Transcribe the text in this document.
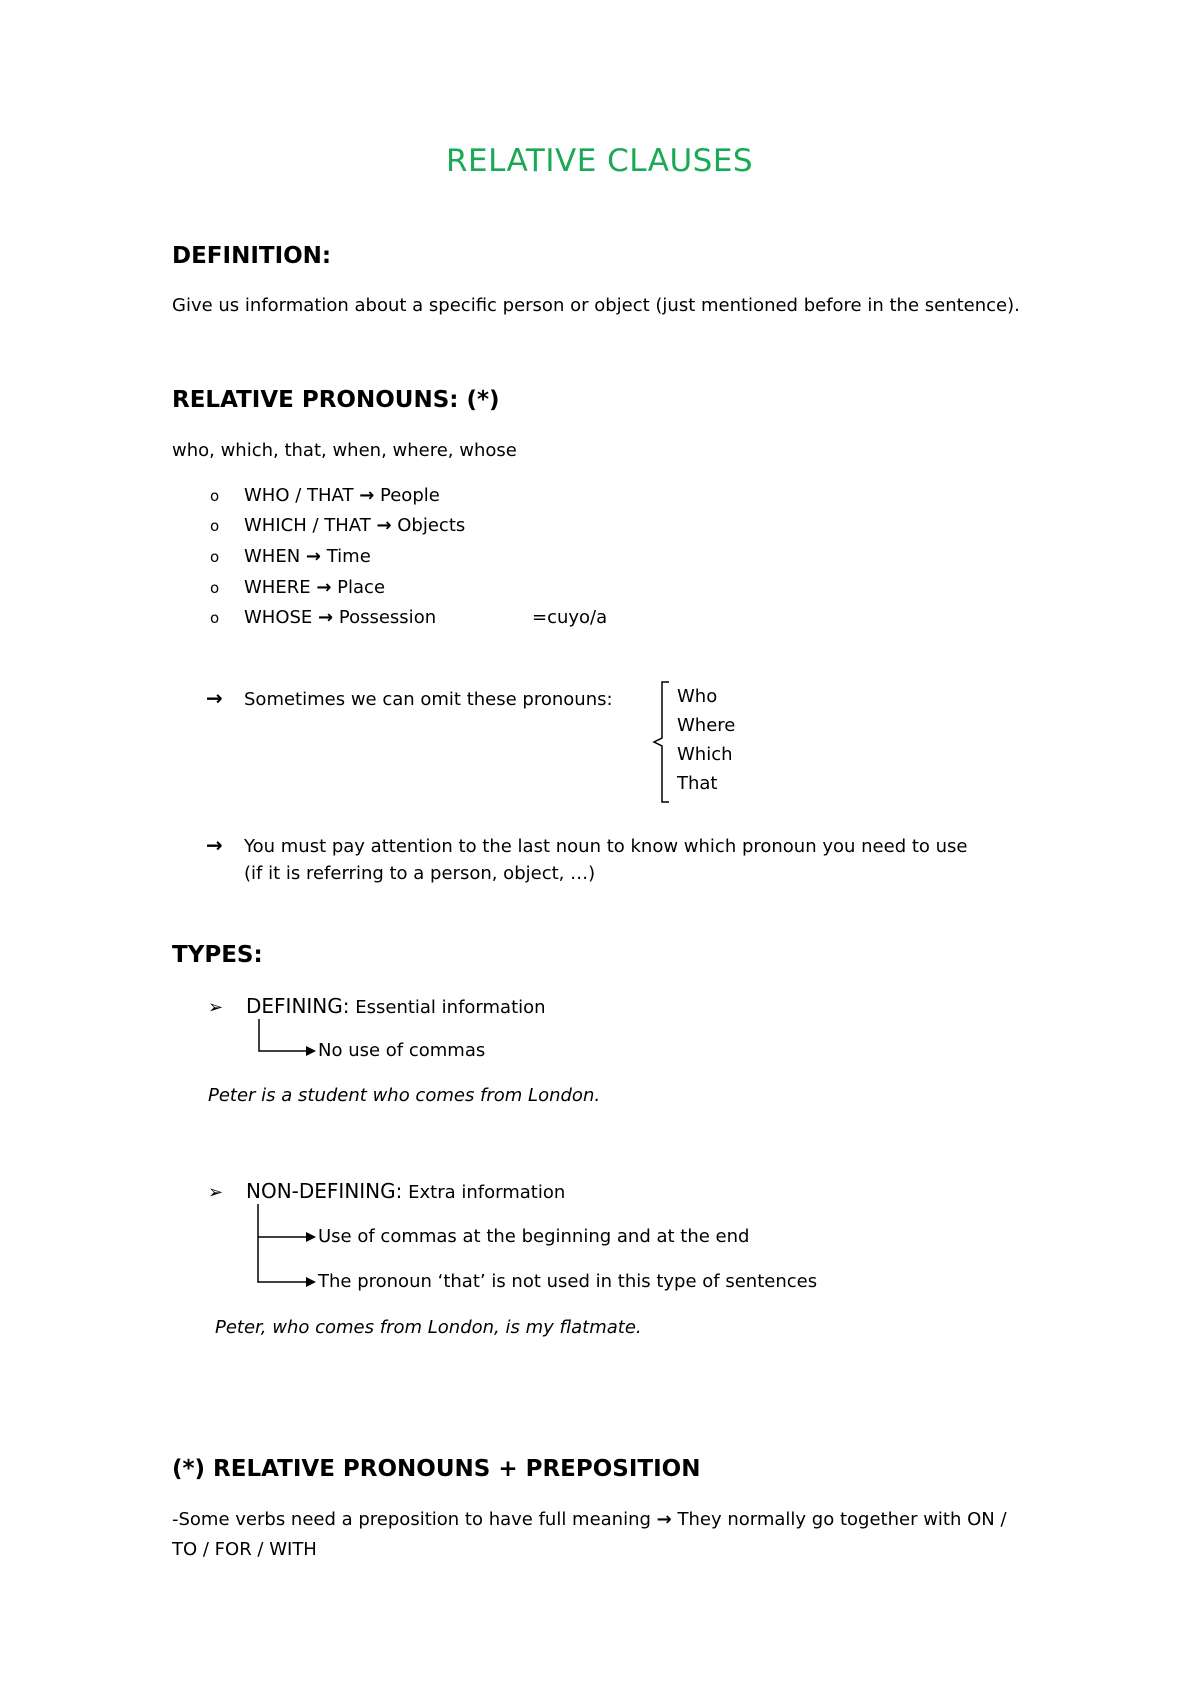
RELATIVE CLAUSES
DEFINITION:
Give us information about a specific person or object (just mentioned before in the sentence).
RELATIVE PRONOUNS: (*)
who, which, that, when, where, whose
o WHO / THAT → People
o WHICH / THAT → Objects
o WHEN → Time
o WHERE → Place
o WHOSE → Possession	=cuyo/a
→ Sometimes we can omit these pronouns:	Who
Where
Which
That
→ You must pay attention to the last noun to know which pronoun you need to use
(if it is referring to a person, object, …)
TYPES:
➢ DEFINING: Essential information
No use of commas
Peter is a student who comes from London.
➢ NON-DEFINING: Extra information
Use of commas at the beginning and at the end
The pronoun ‘that’ is not used in this type of sentences
Peter, who comes from London, is my flatmate.
(*) RELATIVE PRONOUNS + PREPOSITION
-Some verbs need a preposition to have full meaning → They normally go together with ON /
TO / FOR / WITH
